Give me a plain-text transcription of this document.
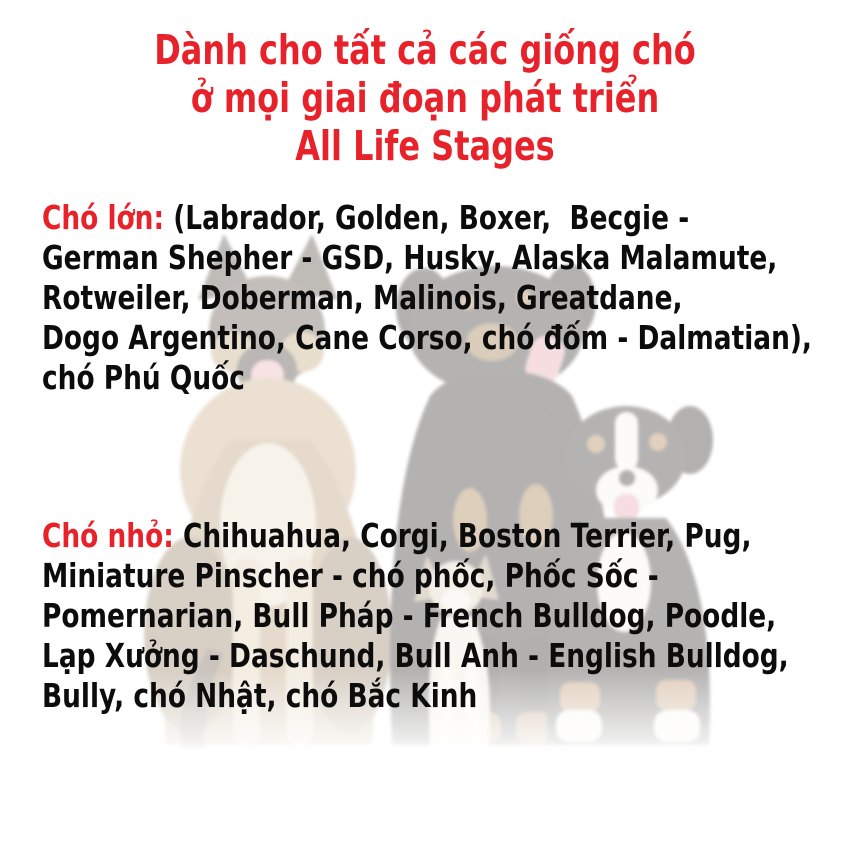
Dành cho tất cả các giống chó
ở mọi giai đoạn phát triển
All Life Stages
Chó lớn: (Labrador, Golden, Boxer,  Becgie -
German Shepher - GSD, Husky, Alaska Malamute,
Rotweiler, Doberman, Malinois, Greatdane,
Dogo Argentino, Cane Corso, chó đốm - Dalmatian),
chó Phú Quốc
Chó nhỏ: Chihuahua, Corgi, Boston Terrier, Pug,
Miniature Pinscher - chó phốc, Phốc Sốc -
Pomernarian, Bull Pháp - French Bulldog, Poodle,
Lạp Xưởng - Daschund, Bull Anh - English Bulldog,
Bully, chó Nhật, chó Bắc Kinh
